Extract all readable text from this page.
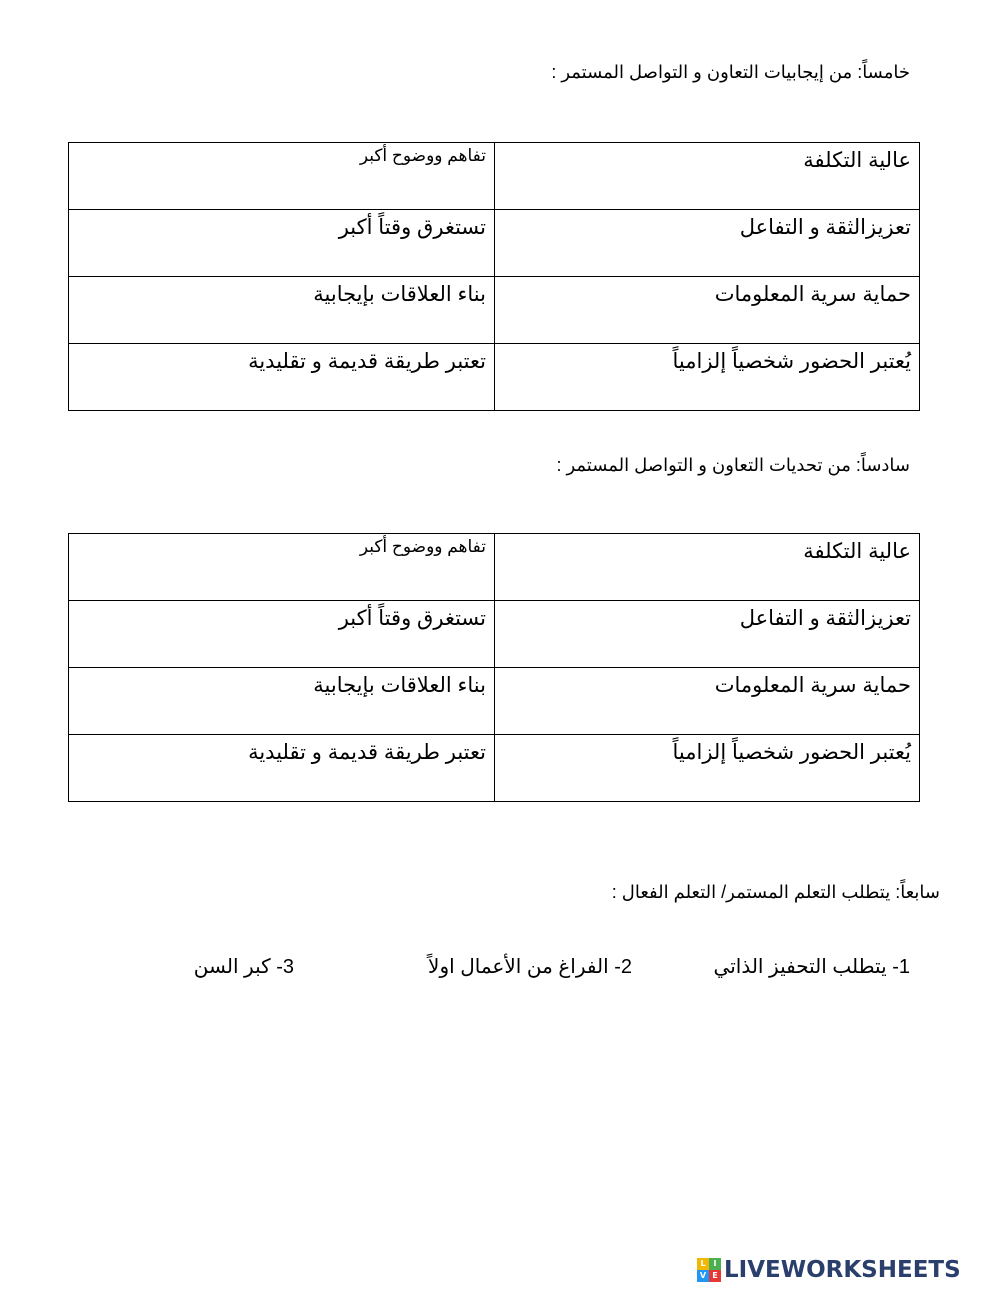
خامساً: من إيجابيات التعاون و التواصل المستمر :
عالية التكلفة	تفاهم ووضوح أكبر
تعزيزالثقة و التفاعل	تستغرق وقتاً أكبر
حماية سرية المعلومات	بناء العلاقات بإيجابية
يُعتبر الحضور شخصياً إلزامياً	تعتبر طريقة قديمة و تقليدية
سادساً: من تحديات التعاون و التواصل المستمر :
عالية التكلفة	تفاهم ووضوح أكبر
تعزيزالثقة و التفاعل	تستغرق وقتاً أكبر
حماية سرية المعلومات	بناء العلاقات بإيجابية
يُعتبر الحضور شخصياً إلزامياً	تعتبر طريقة قديمة و تقليدية
سابعاً: يتطلب التعلم المستمر/ التعلم الفعال :
1- يتطلب التحفيز الذاتي
2- الفراغ من الأعمال اولاً
3- كبر السن
L I
V E LIVEWORKSHEETS
